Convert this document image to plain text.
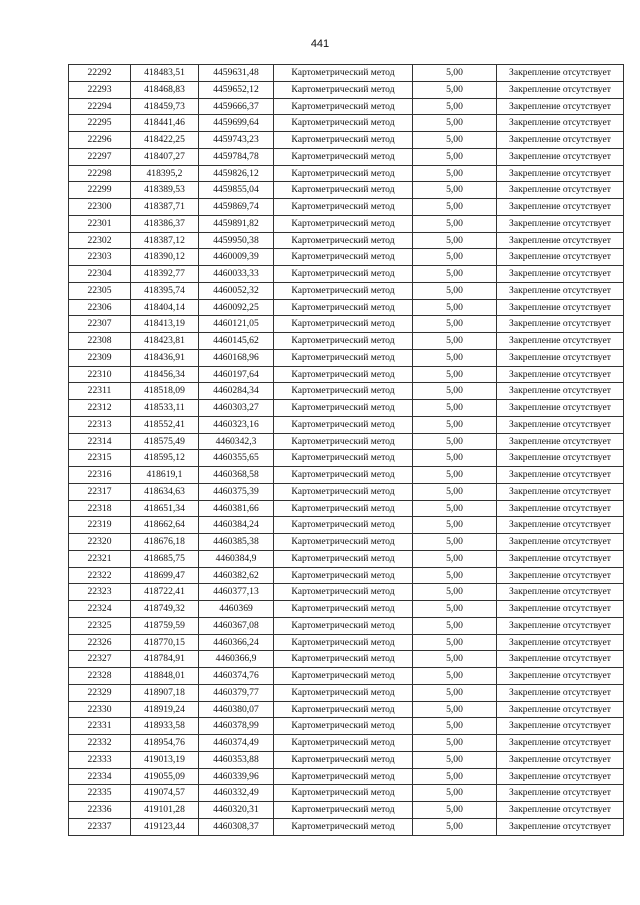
441
22292	418483,51	4459631,48	Картометрический метод	5,00	Закрепление отсутствует
22293	418468,83	4459652,12	Картометрический метод	5,00	Закрепление отсутствует
22294	418459,73	4459666,37	Картометрический метод	5,00	Закрепление отсутствует
22295	418441,46	4459699,64	Картометрический метод	5,00	Закрепление отсутствует
22296	418422,25	4459743,23	Картометрический метод	5,00	Закрепление отсутствует
22297	418407,27	4459784,78	Картометрический метод	5,00	Закрепление отсутствует
22298	418395,2	4459826,12	Картометрический метод	5,00	Закрепление отсутствует
22299	418389,53	4459855,04	Картометрический метод	5,00	Закрепление отсутствует
22300	418387,71	4459869,74	Картометрический метод	5,00	Закрепление отсутствует
22301	418386,37	4459891,82	Картометрический метод	5,00	Закрепление отсутствует
22302	418387,12	4459950,38	Картометрический метод	5,00	Закрепление отсутствует
22303	418390,12	4460009,39	Картометрический метод	5,00	Закрепление отсутствует
22304	418392,77	4460033,33	Картометрический метод	5,00	Закрепление отсутствует
22305	418395,74	4460052,32	Картометрический метод	5,00	Закрепление отсутствует
22306	418404,14	4460092,25	Картометрический метод	5,00	Закрепление отсутствует
22307	418413,19	4460121,05	Картометрический метод	5,00	Закрепление отсутствует
22308	418423,81	4460145,62	Картометрический метод	5,00	Закрепление отсутствует
22309	418436,91	4460168,96	Картометрический метод	5,00	Закрепление отсутствует
22310	418456,34	4460197,64	Картометрический метод	5,00	Закрепление отсутствует
22311	418518,09	4460284,34	Картометрический метод	5,00	Закрепление отсутствует
22312	418533,11	4460303,27	Картометрический метод	5,00	Закрепление отсутствует
22313	418552,41	4460323,16	Картометрический метод	5,00	Закрепление отсутствует
22314	418575,49	4460342,3	Картометрический метод	5,00	Закрепление отсутствует
22315	418595,12	4460355,65	Картометрический метод	5,00	Закрепление отсутствует
22316	418619,1	4460368,58	Картометрический метод	5,00	Закрепление отсутствует
22317	418634,63	4460375,39	Картометрический метод	5,00	Закрепление отсутствует
22318	418651,34	4460381,66	Картометрический метод	5,00	Закрепление отсутствует
22319	418662,64	4460384,24	Картометрический метод	5,00	Закрепление отсутствует
22320	418676,18	4460385,38	Картометрический метод	5,00	Закрепление отсутствует
22321	418685,75	4460384,9	Картометрический метод	5,00	Закрепление отсутствует
22322	418699,47	4460382,62	Картометрический метод	5,00	Закрепление отсутствует
22323	418722,41	4460377,13	Картометрический метод	5,00	Закрепление отсутствует
22324	418749,32	4460369	Картометрический метод	5,00	Закрепление отсутствует
22325	418759,59	4460367,08	Картометрический метод	5,00	Закрепление отсутствует
22326	418770,15	4460366,24	Картометрический метод	5,00	Закрепление отсутствует
22327	418784,91	4460366,9	Картометрический метод	5,00	Закрепление отсутствует
22328	418848,01	4460374,76	Картометрический метод	5,00	Закрепление отсутствует
22329	418907,18	4460379,77	Картометрический метод	5,00	Закрепление отсутствует
22330	418919,24	4460380,07	Картометрический метод	5,00	Закрепление отсутствует
22331	418933,58	4460378,99	Картометрический метод	5,00	Закрепление отсутствует
22332	418954,76	4460374,49	Картометрический метод	5,00	Закрепление отсутствует
22333	419013,19	4460353,88	Картометрический метод	5,00	Закрепление отсутствует
22334	419055,09	4460339,96	Картометрический метод	5,00	Закрепление отсутствует
22335	419074,57	4460332,49	Картометрический метод	5,00	Закрепление отсутствует
22336	419101,28	4460320,31	Картометрический метод	5,00	Закрепление отсутствует
22337	419123,44	4460308,37	Картометрический метод	5,00	Закрепление отсутствует
